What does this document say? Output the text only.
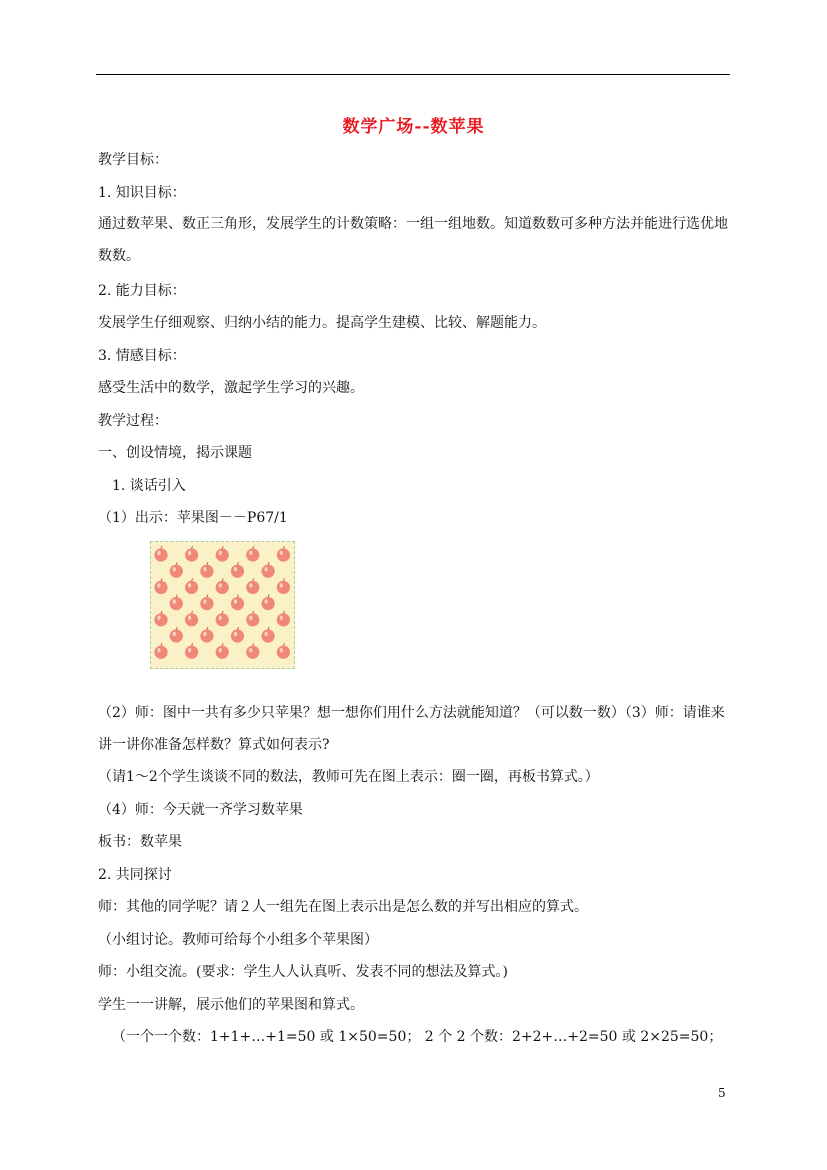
数学广场--数苹果
教学目标：
1. 知识目标：
通过数苹果、数正三角形，发展学生的计数策略：一组一组地数。知道数数可多种方法并能进行选优地数数。
2. 能力目标：
发展学生仔细观察、归纳小结的能力。提高学生建模、比较、解题能力。
3. 情感目标：
感受生活中的数学，激起学生学习的兴趣。
教学过程：
一、创设情境，揭示课题
1. 谈话引入
（1）出示：苹果图－－P67/1
（2）师：图中一共有多少只苹果？想一想你们用什么方法就能知道？（可以数一数）（3）师：请谁来讲一讲你准备怎样数？算式如何表示?
（请1～2个学生谈谈不同的数法，教师可先在图上表示：圈一圈，再板书算式。）
（4）师：今天就一齐学习数苹果
板书：数苹果
2. 共同探讨
师：其他的同学呢？请２人一组先在图上表示出是怎么数的并写出相应的算式。
（小组讨论。教师可给每个小组多个苹果图）
师：小组交流。(要求：学生人人认真听、发表不同的想法及算式。)
学生一一讲解，展示他们的苹果图和算式。
（一个一个数：1+1+…+1=50 或 1×50=50； 2 个 2 个数：2+2+…+2=50 或 2×25=50；
5
